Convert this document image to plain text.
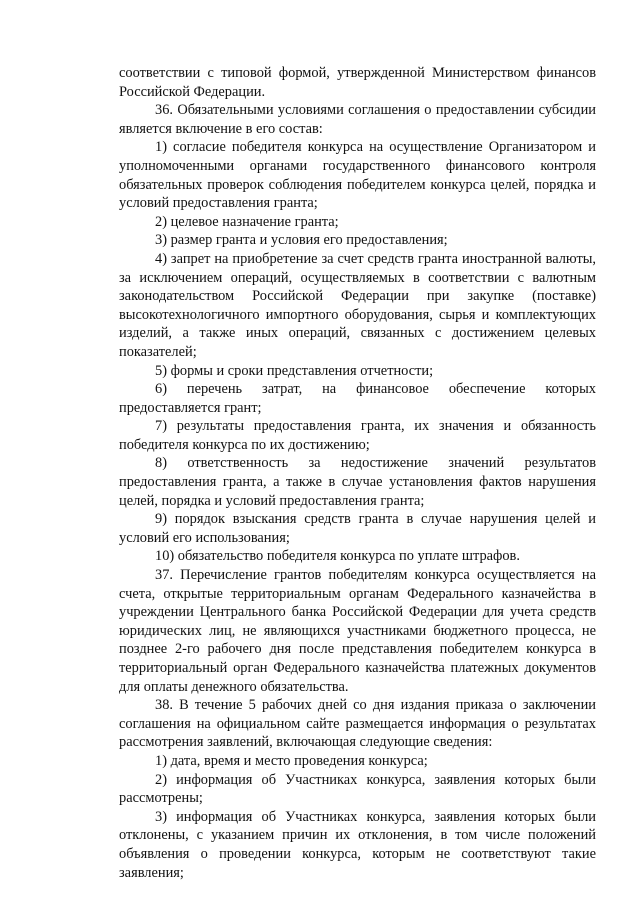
соответствии с типовой формой, утвержденной Министерством финансов Российской Федерации.

36. Обязательными условиями соглашения о предоставлении субсидии является включение в его состав:

1) согласие победителя конкурса на осуществление Организатором и уполномоченными органами государственного финансового контроля обязательных проверок соблюдения победителем конкурса целей, порядка и условий предоставления гранта;

2) целевое назначение гранта;

3) размер гранта и условия его предоставления;

4) запрет на приобретение за счет средств гранта иностранной валюты, за исключением операций, осуществляемых в соответствии с валютным законодательством Российской Федерации при закупке (поставке) высокотехнологичного импортного оборудования, сырья и комплектующих изделий, а также иных операций, связанных с достижением целевых показателей;

5) формы и сроки представления отчетности;

6) перечень затрат, на финансовое обеспечение которых предоставляется грант;

7) результаты предоставления гранта, их значения и обязанность победителя конкурса по их достижению;

8) ответственность за недостижение значений результатов предоставления гранта, а также в случае установления фактов нарушения целей, порядка и условий предоставления гранта;

9) порядок взыскания средств гранта в случае нарушения целей и условий его использования;

10) обязательство победителя конкурса по уплате штрафов.

37. Перечисление грантов победителям конкурса осуществляется на счета, открытые территориальным органам Федерального казначейства в учреждении Центрального банка Российской Федерации для учета средств юридических лиц, не являющихся участниками бюджетного процесса, не позднее 2-го рабочего дня после представления победителем конкурса в территориальный орган Федерального казначейства платежных документов для оплаты денежного обязательства.

38. В течение 5 рабочих дней со дня издания приказа о заключении соглашения на официальном сайте размещается информация о результатах рассмотрения заявлений, включающая следующие сведения:

1) дата, время и место проведения конкурса;

2) информация об Участниках конкурса, заявления которых были рассмотрены;

3) информация об Участниках конкурса, заявления которых были отклонены, с указанием причин их отклонения, в том числе положений объявления о проведении конкурса, которым не соответствуют такие заявления;
